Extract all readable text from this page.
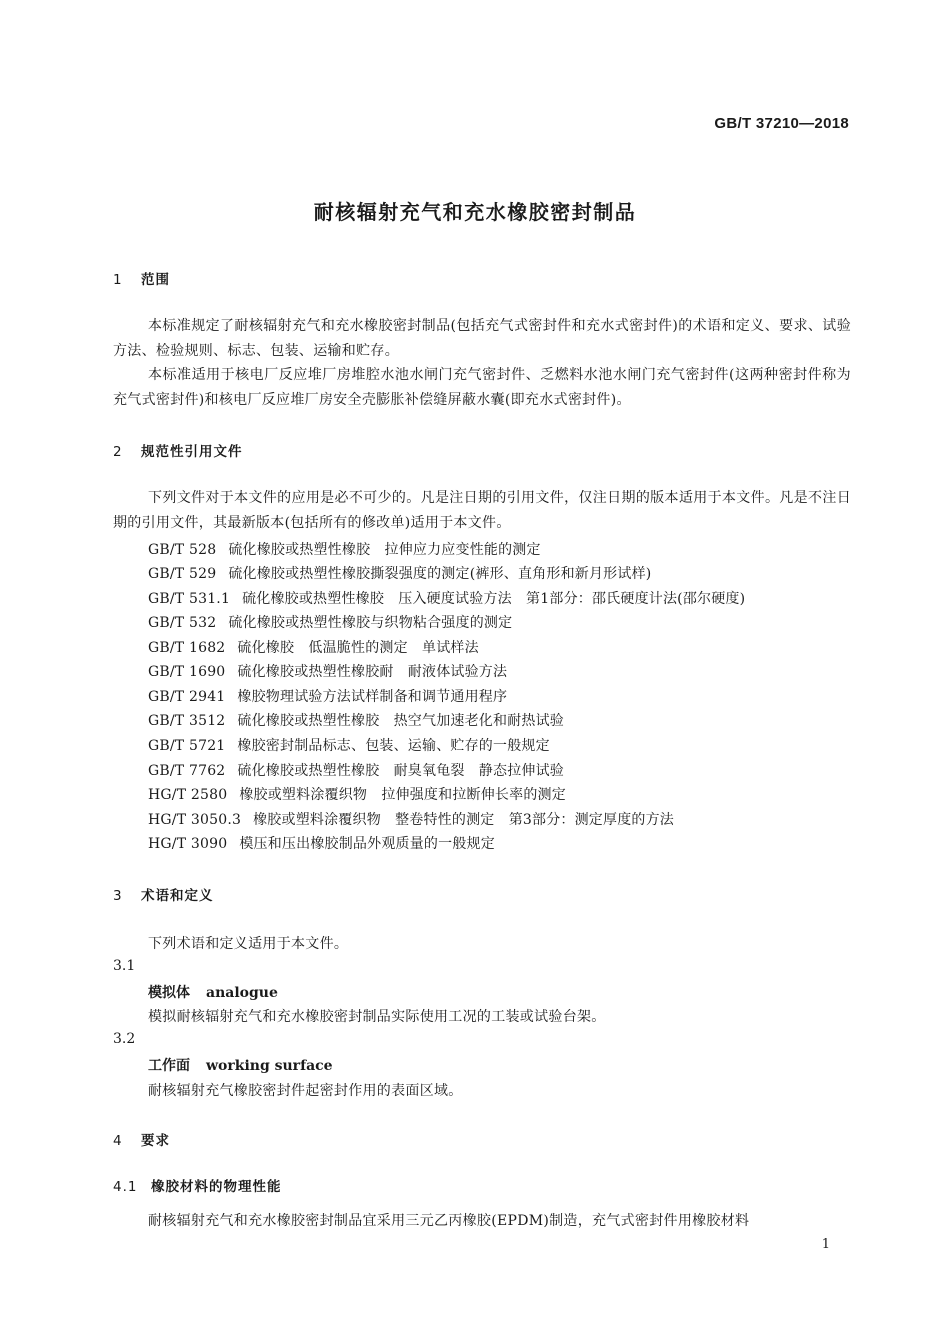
GB/T 37210—2018
耐核辐射充气和充水橡胶密封制品
1 范围
本标准规定了耐核辐射充气和充水橡胶密封制品(包括充气式密封件和充水式密封件)的术语和定义、要求、试验方法、检验规则、标志、包装、运输和贮存。
本标准适用于核电厂反应堆厂房堆腔水池水闸门充气密封件、乏燃料水池水闸门充气密封件(这两种密封件称为充气式密封件)和核电厂反应堆厂房安全壳膨胀补偿缝屏蔽水囊(即充水式密封件)。
2 规范性引用文件
下列文件对于本文件的应用是必不可少的。凡是注日期的引用文件，仅注日期的版本适用于本文件。凡是不注日期的引用文件，其最新版本(包括所有的修改单)适用于本文件。
GB/T 528 硫化橡胶或热塑性橡胶　拉伸应力应变性能的测定
GB/T 529 硫化橡胶或热塑性橡胶撕裂强度的测定(裤形、直角形和新月形试样)
GB/T 531.1 硫化橡胶或热塑性橡胶　压入硬度试验方法　第1部分：邵氏硬度计法(邵尔硬度)
GB/T 532 硫化橡胶或热塑性橡胶与织物粘合强度的测定
GB/T 1682 硫化橡胶　低温脆性的测定　单试样法
GB/T 1690 硫化橡胶或热塑性橡胶耐　耐液体试验方法
GB/T 2941 橡胶物理试验方法试样制备和调节通用程序
GB/T 3512 硫化橡胶或热塑性橡胶　热空气加速老化和耐热试验
GB/T 5721 橡胶密封制品标志、包装、运输、贮存的一般规定
GB/T 7762 硫化橡胶或热塑性橡胶　耐臭氧龟裂　静态拉伸试验
HG/T 2580 橡胶或塑料涂覆织物　拉伸强度和拉断伸长率的测定
HG/T 3050.3 橡胶或塑料涂覆织物　整卷特性的测定　第3部分：测定厚度的方法
HG/T 3090 模压和压出橡胶制品外观质量的一般规定
3 术语和定义
下列术语和定义适用于本文件。
3.1
模拟体 analogue
模拟耐核辐射充气和充水橡胶密封制品实际使用工况的工装或试验台架。
3.2
工作面 working surface
耐核辐射充气橡胶密封件起密封作用的表面区域。
4 要求
4.1 橡胶材料的物理性能
耐核辐射充气和充水橡胶密封制品宜采用三元乙丙橡胶(EPDM)制造，充气式密封件用橡胶材料
1
